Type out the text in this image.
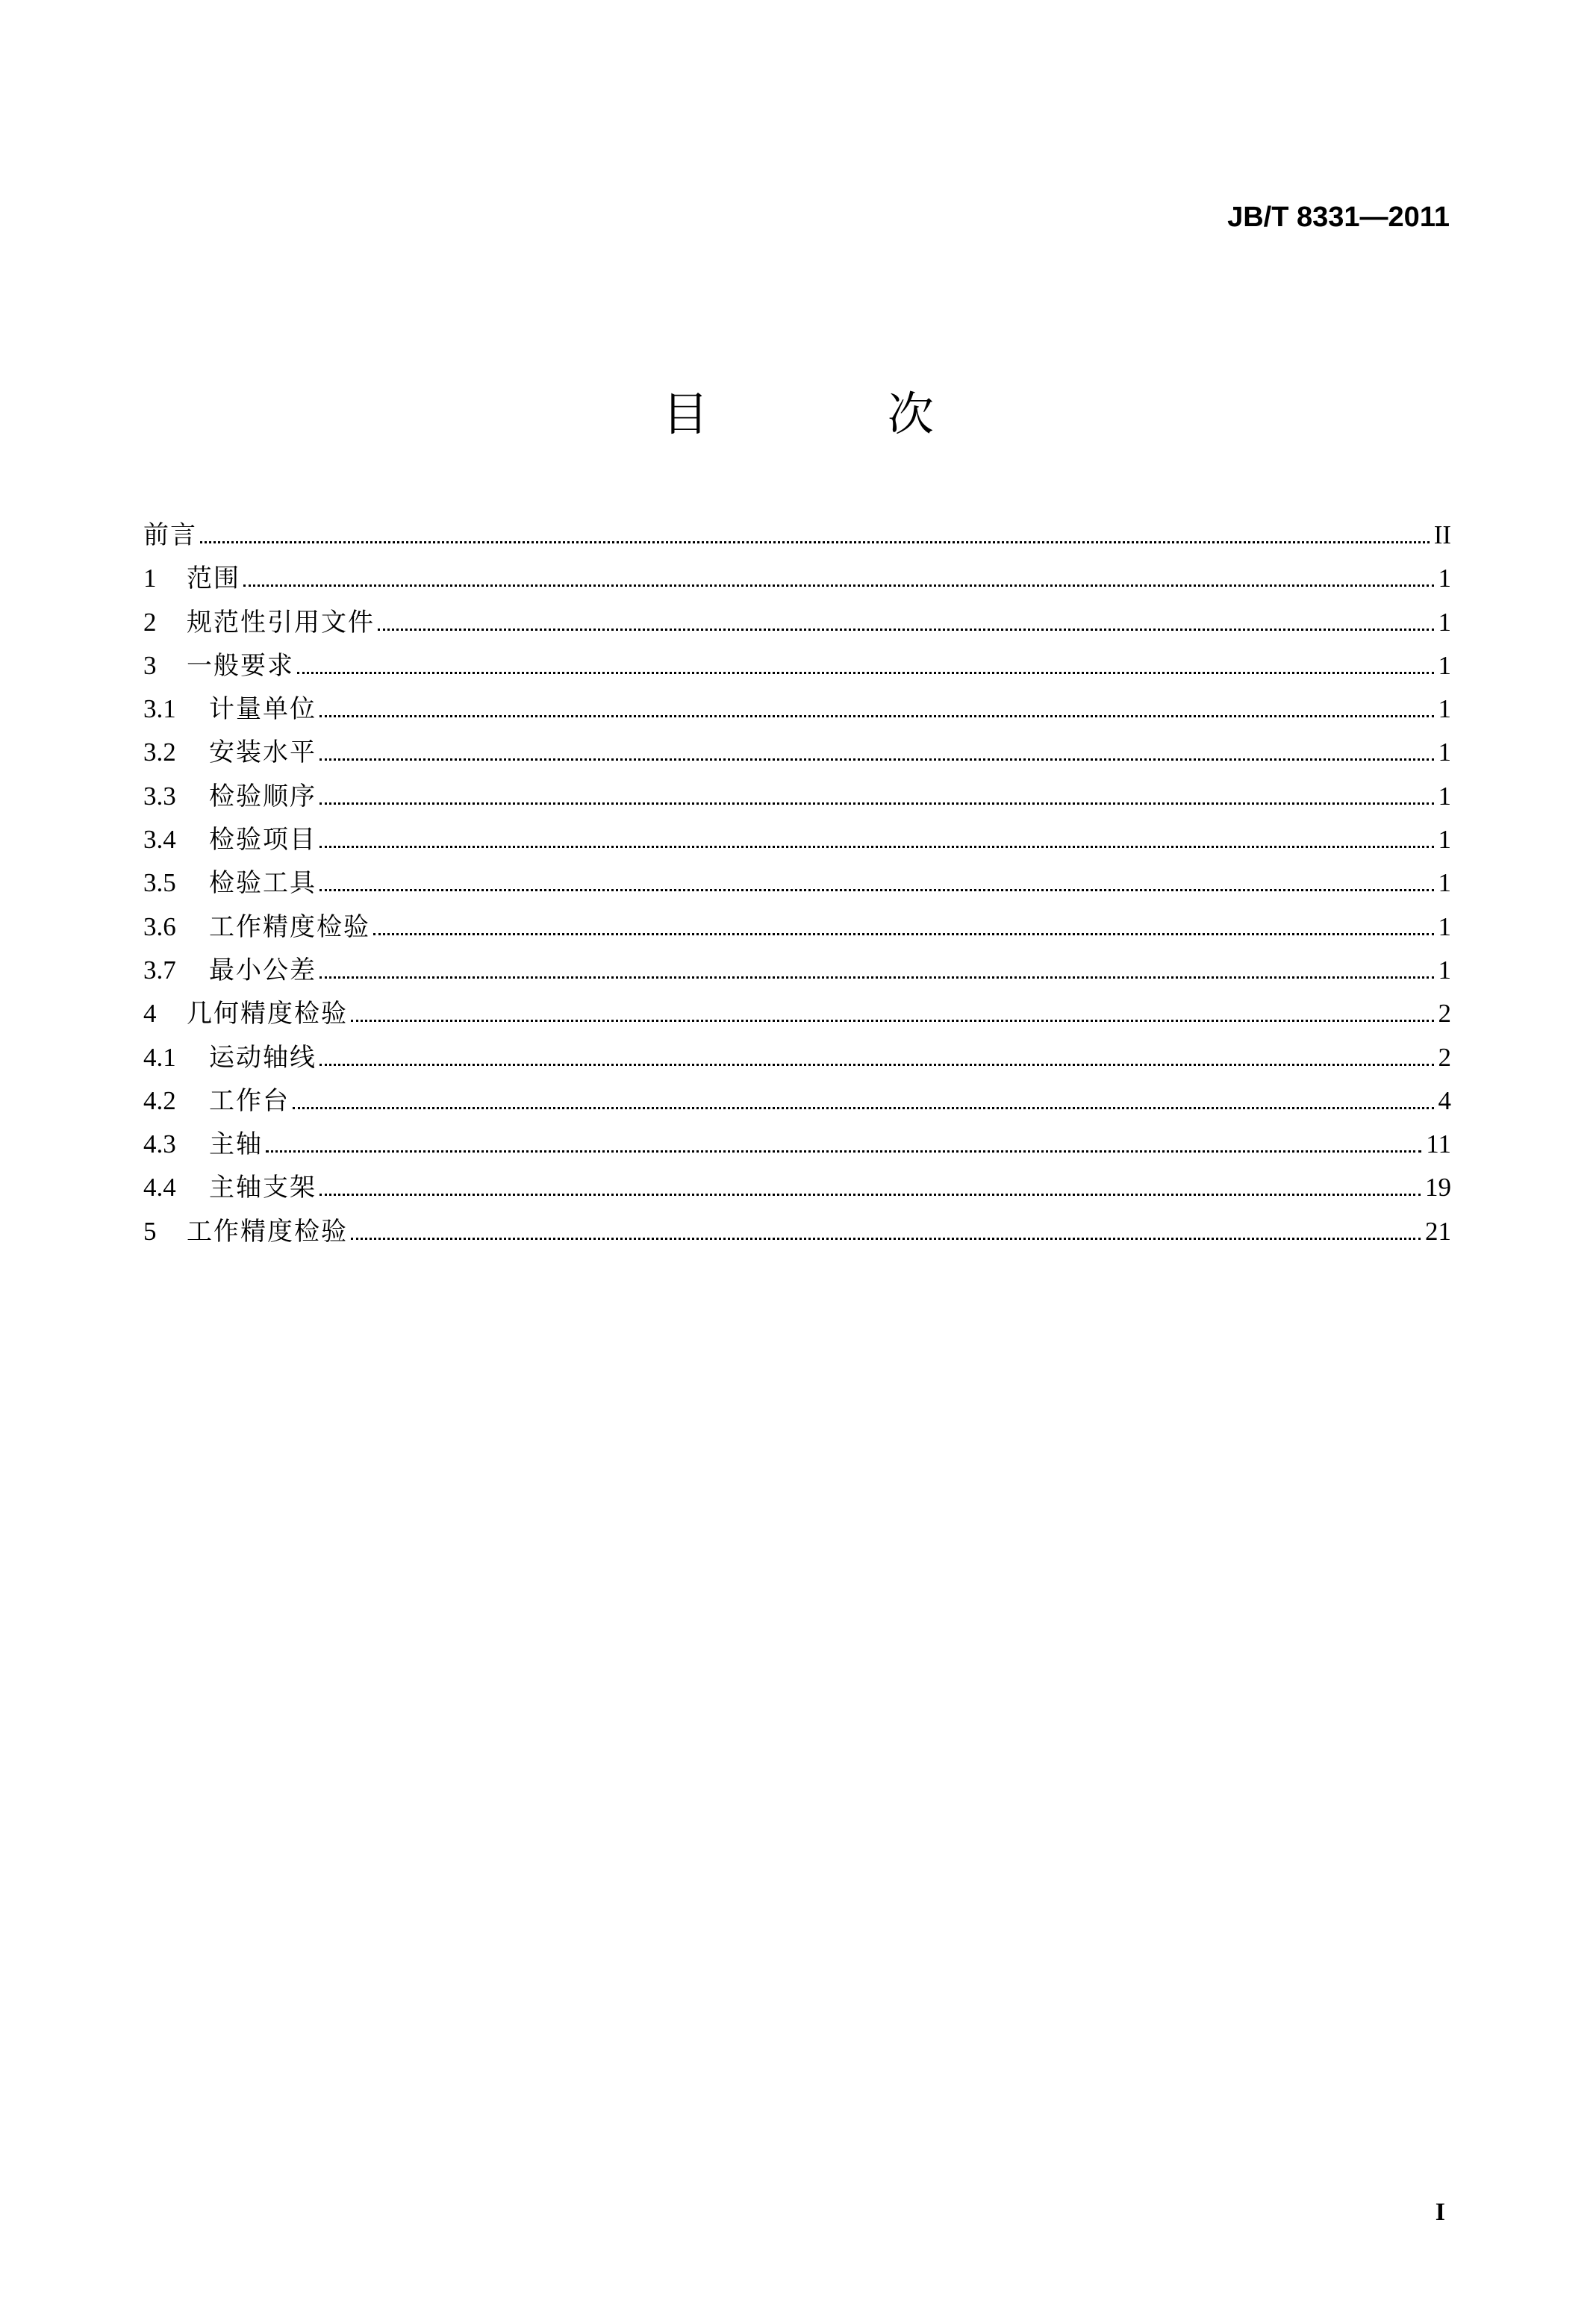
JB/T 8331—2011
目 次
前言	II
1	范围	1
2	规范性引用文件	1
3	一般要求	1
3.1	计量单位	1
3.2	安装水平	1
3.3	检验顺序	1
3.4	检验项目	1
3.5	检验工具	1
3.6	工作精度检验	1
3.7	最小公差	1
4	几何精度检验	2
4.1	运动轴线	2
4.2	工作台	4
4.3	主轴	11
4.4	主轴支架	19
5	工作精度检验	21
I
